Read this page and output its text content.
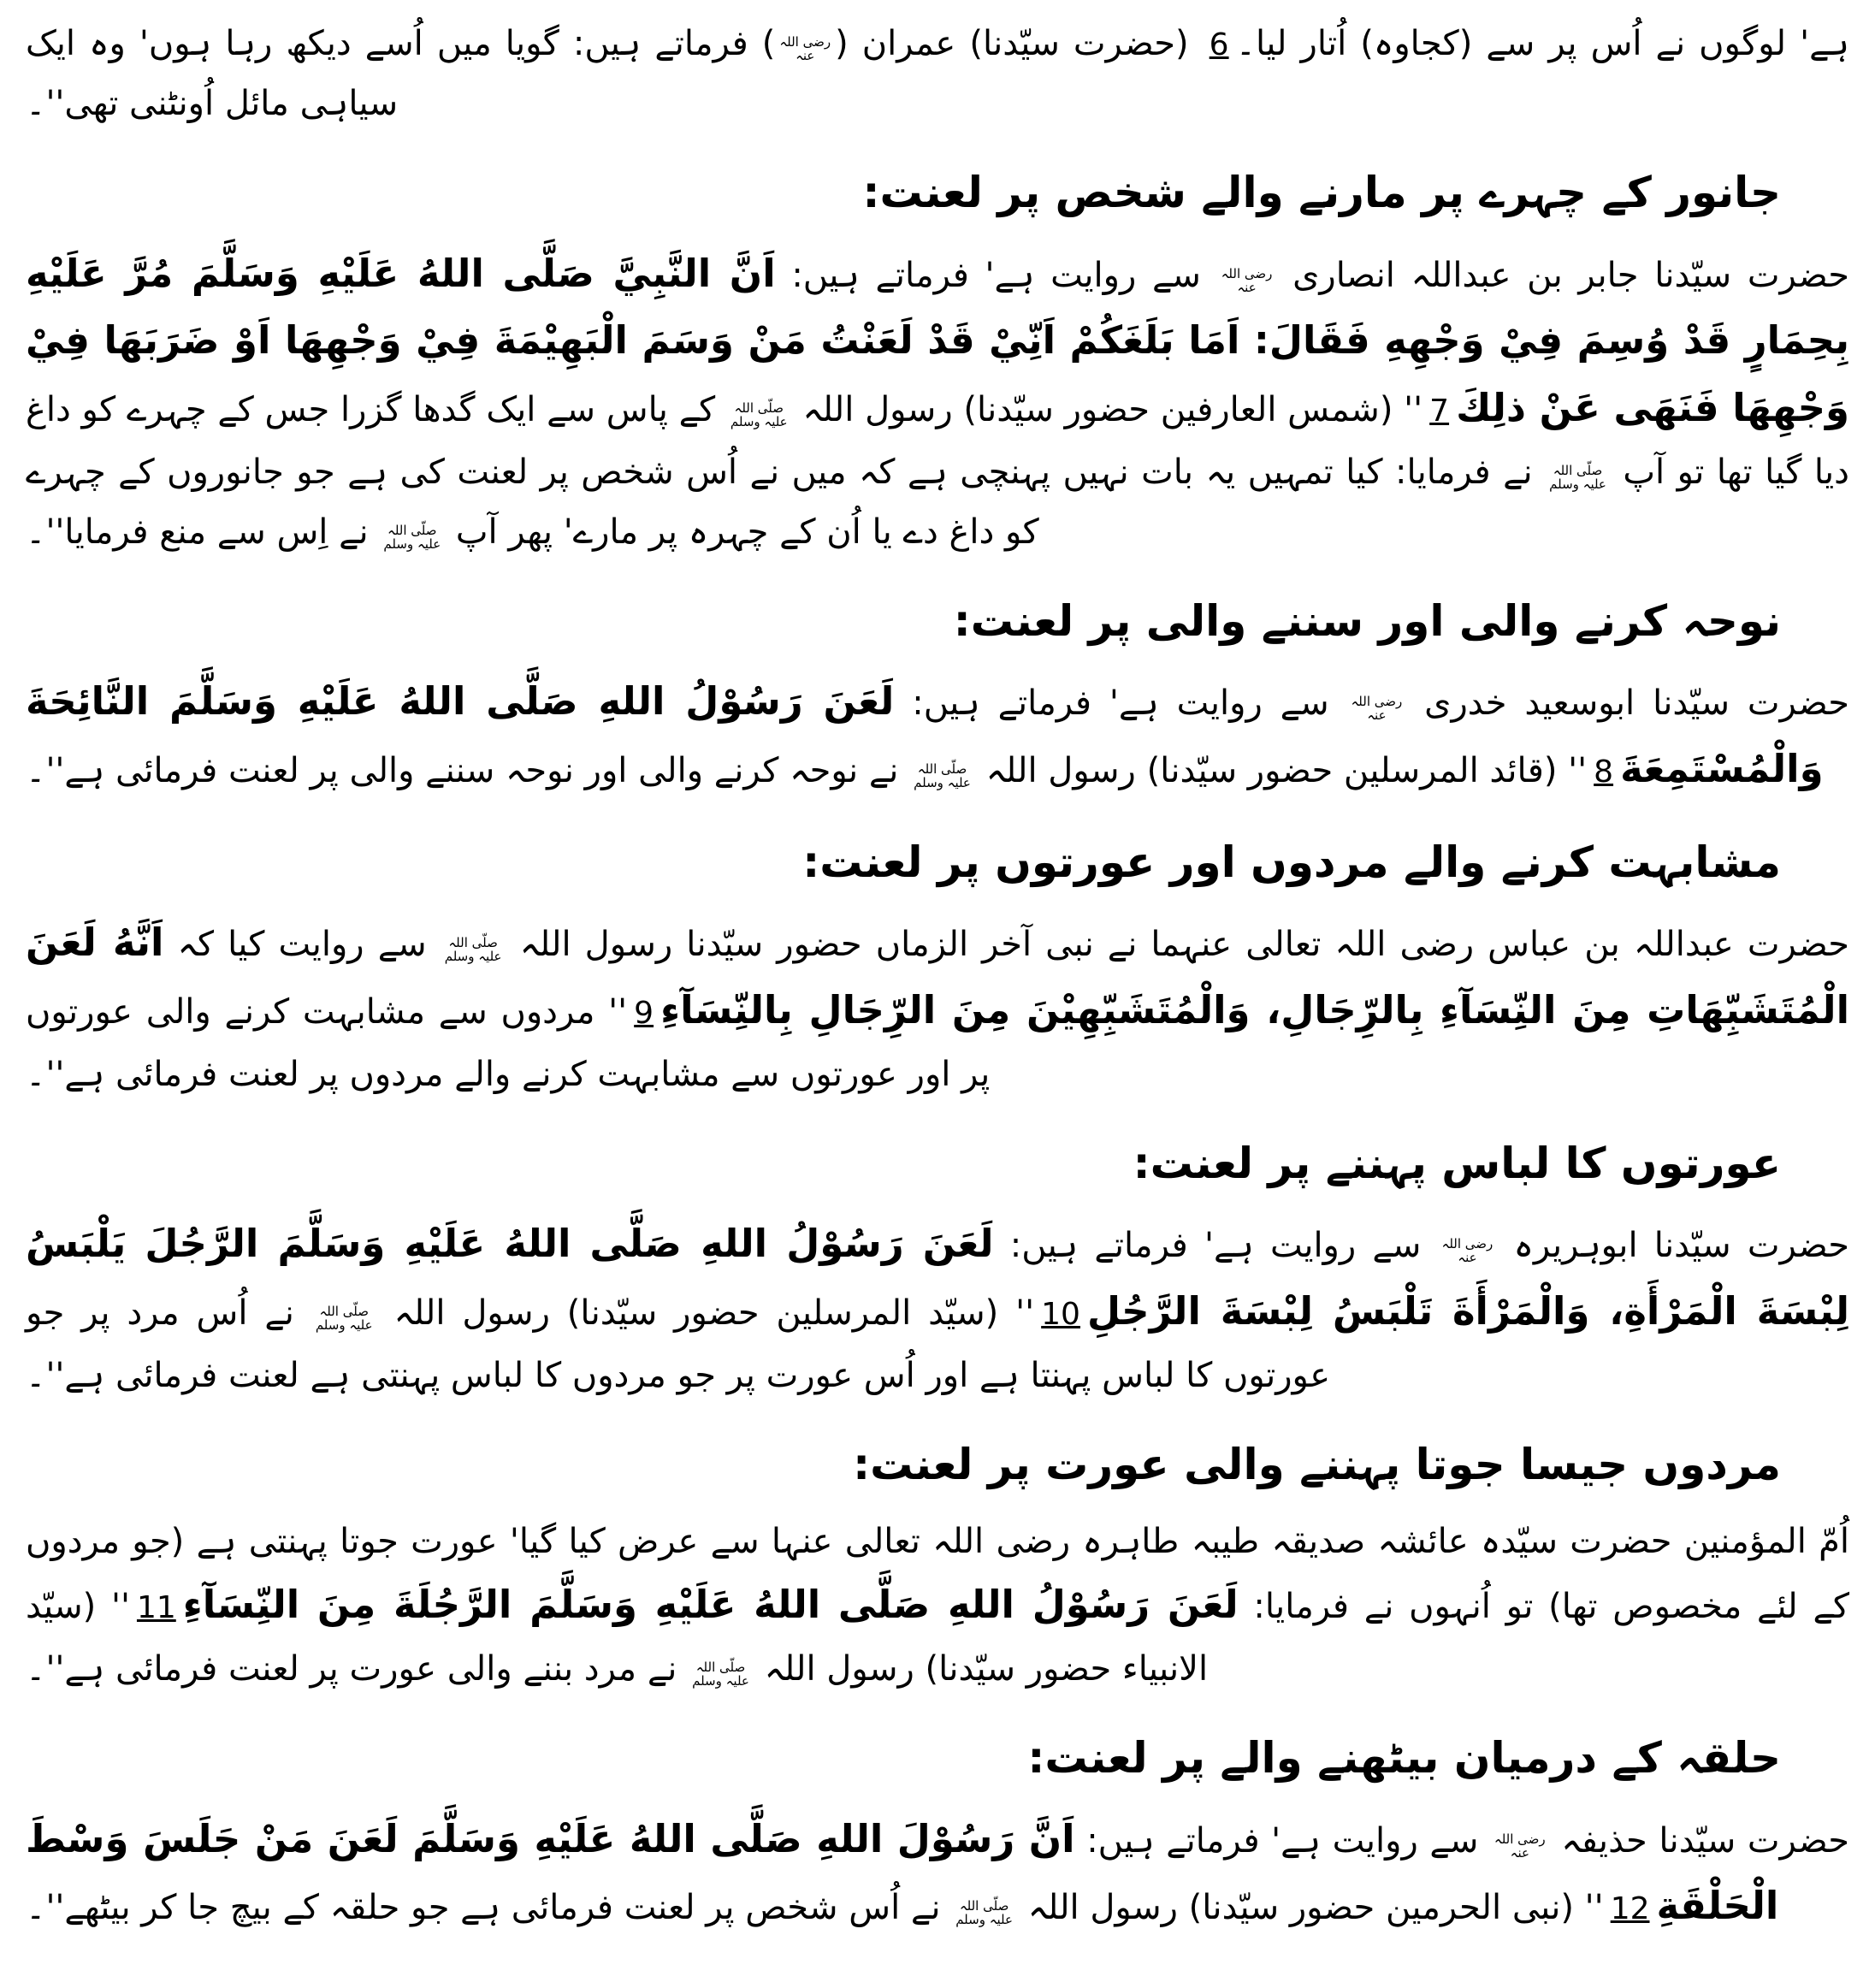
ہے' لوگوں نے اُس پر سے (کجاوہ) اُتار لیا۔6 (حضرت سیّدنا) عمران (
رضی اللہ
عنہ
) فرماتے ہیں: گویا میں اُسے دیکھ رہا ہوں' وہ ایک سیاہی مائل اُونٹنی تھی''۔

جانور کے چہرے پر مارنے والے شخص پر لعنت:

حضرت سیّدنا جابر بن عبداللہ انصاری
رضی اللہ
عنہ
سے روایت ہے' فرماتے ہیں: اَنَّ النَّبِيَّ صَلَّى اللهُ عَلَيْهِ وَسَلَّمَ مُرَّ عَلَيْهِ بِحِمَارٍ قَدْ وُسِمَ فِيْ وَجْهِهِ فَقَالَ: اَمَا بَلَغَكُمْ اَنِّيْ قَدْ لَعَنْتُ مَنْ وَسَمَ الْبَهِيْمَةَ فِيْ وَجْهِهَا اَوْ ضَرَبَهَا فِيْ وَجْهِهَا فَنَهَى عَنْ ذلِكَ7'' (شمس العارفین حضور سیّدنا) رسول اللہ
صلّی اللہ
علیہ وسلم
کے پاس سے ایک گدھا گزرا جس کے چہرے کو داغ دیا گیا تھا تو آپ
صلّی اللہ
علیہ وسلم
نے فرمایا: کیا تمہیں یہ بات نہیں پہنچی ہے کہ میں نے اُس شخص پر لعنت کی ہے جو جانوروں کے چہرے کو داغ دے یا اُن کے چہرہ پر مارے' پھر آپ
صلّی اللہ
علیہ وسلم
نے اِس سے منع فرمایا''۔

نوحہ کرنے والی اور سننے والی پر لعنت:

حضرت سیّدنا ابوسعید خدری
رضی اللہ
عنہ
سے روایت ہے' فرماتے ہیں: لَعَنَ رَسُوْلُ اللهِ صَلَّى اللهُ عَلَيْهِ وَسَلَّمَ النَّائِحَةَ وَالْمُسْتَمِعَةَ8'' (قائد المرسلین حضور سیّدنا) رسول اللہ
صلّی اللہ
علیہ وسلم
نے نوحہ کرنے والی اور نوحہ سننے والی پر لعنت فرمائی ہے''۔

مشابہت کرنے والے مردوں اور عورتوں پر لعنت:

حضرت عبداللہ بن عباس رضی اللہ تعالی عنہما نے نبی آخر الزماں حضور سیّدنا رسول اللہ
صلّی اللہ
علیہ وسلم
سے روایت کیا کہ اَنَّهُ لَعَنَ الْمُتَشَبِّهَاتِ مِنَ النِّسَآءِ بِالرِّجَالِ، وَالْمُتَشَبِّهِيْنَ مِنَ الرِّجَالِ بِالنِّسَآءِ9'' مردوں سے مشابہت کرنے والی عورتوں پر اور عورتوں سے مشابہت کرنے والے مردوں پر لعنت فرمائی ہے''۔

عورتوں کا لباس پہننے پر لعنت:

حضرت سیّدنا ابوہریرہ
رضی اللہ
عنہ
سے روایت ہے' فرماتے ہیں: لَعَنَ رَسُوْلُ اللهِ صَلَّى اللهُ عَلَيْهِ وَسَلَّمَ الرَّجُلَ يَلْبَسُ لِبْسَةَ الْمَرْأَةِ، وَالْمَرْأَةَ تَلْبَسُ لِبْسَةَ الرَّجُلِ10'' (سیّد المرسلین حضور سیّدنا) رسول اللہ
صلّی اللہ
علیہ وسلم
نے اُس مرد پر جو عورتوں کا لباس پہنتا ہے اور اُس عورت پر جو مردوں کا لباس پہنتی ہے لعنت فرمائی ہے''۔

مردوں جیسا جوتا پہننے والی عورت پر لعنت:

اُمّ المؤمنین حضرت سیّدہ عائشہ صدیقہ طیبہ طاہرہ رضی اللہ تعالی عنہا سے عرض کیا گیا' عورت جوتا پہنتی ہے (جو مردوں کے لئے مخصوص تھا) تو اُنہوں نے فرمایا: لَعَنَ رَسُوْلُ اللهِ صَلَّى اللهُ عَلَيْهِ وَسَلَّمَ الرَّجُلَةَ مِنَ النِّسَآءِ11'' (سیّد الانبیاء حضور سیّدنا) رسول اللہ
صلّی اللہ
علیہ وسلم
نے مرد بننے والی عورت پر لعنت فرمائی ہے''۔

حلقہ کے درمیان بیٹھنے والے پر لعنت:

حضرت سیّدنا حذیفہ
رضی اللہ
عنہ
سے روایت ہے' فرماتے ہیں: اَنَّ رَسُوْلَ اللهِ صَلَّى اللهُ عَلَيْهِ وَسَلَّمَ لَعَنَ مَنْ جَلَسَ وَسْطَ الْحَلْقَةِ12'' (نبی الحرمین حضور سیّدنا) رسول اللہ
صلّی اللہ
علیہ وسلم
نے اُس شخص پر لعنت فرمائی ہے جو حلقہ کے بیچ جا کر بیٹھے''۔
